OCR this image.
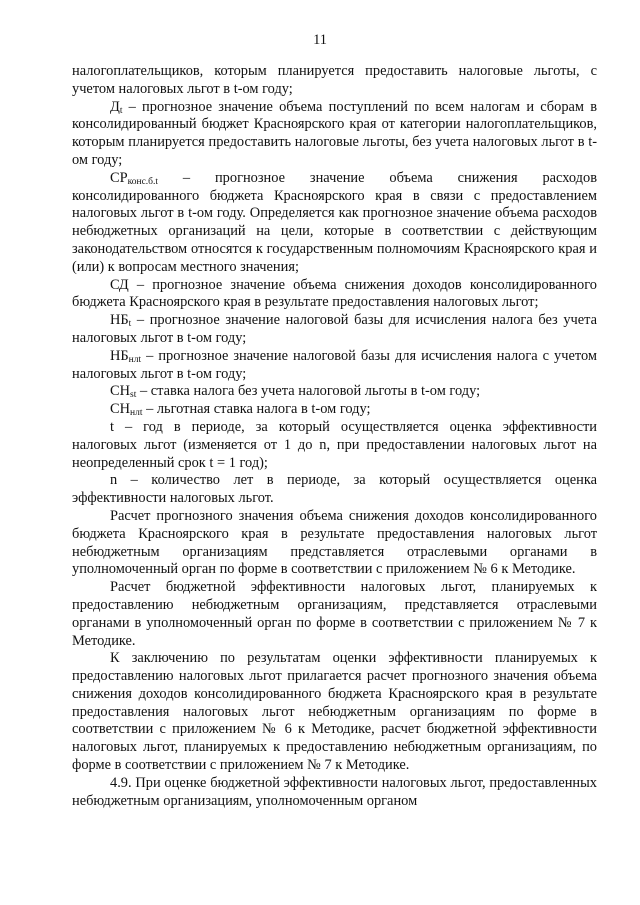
11

налогоплательщиков, которым планируется предоставить налоговые льготы, с учетом налоговых льгот в t-ом году;

$Д_t$ – прогнозное значение объема поступлений по всем налогам и сборам в консолидированный бюджет Красноярского края от категории налогоплательщиков, которым планируется предоставить налоговые льготы, без учета налоговых льгот в t-ом году;

$СР_{конс.б.t}$ – прогнозное значение объема снижения расходов консолидированного бюджета Красноярского края в связи с предоставлением налоговых льгот в t-ом году. Определяется как прогнозное значение объема расходов небюджетных организаций на цели, которые в соответствии с действующим законодательством относятся к государственным полномочиям Красноярского края и (или) к вопросам местного значения;

СД – прогнозное значение объема снижения доходов консолидированного бюджета Красноярского края в результате предоставления налоговых льгот;

$НБ_t$ – прогнозное значение налоговой базы для исчисления налога без учета налоговых льгот в t-ом году;

$НБ_{нлt}$ – прогнозное значение налоговой базы для исчисления налога с учетом налоговых льгот в t-ом году;

$СН_{st}$ – ставка налога без учета налоговой льготы в t-ом году;

$СН_{нлt}$ – льготная ставка налога в t-ом году;

t – год в периоде, за который осуществляется оценка эффективности налоговых льгот (изменяется от 1 до n, при предоставлении налоговых льгот на неопределенный срок t = 1 год);

n – количество лет в периоде, за который осуществляется оценка эффективности налоговых льгот.

Расчет прогнозного значения объема снижения доходов консолидированного бюджета Красноярского края в результате предоставления налоговых льгот небюджетным организациям представляется отраслевыми органами в уполномоченный орган по форме в соответствии с приложением № 6 к Методике.

Расчет бюджетной эффективности налоговых льгот, планируемых к предоставлению небюджетным организациям, представляется отраслевыми органами в уполномоченный орган по форме в соответствии с приложением № 7 к Методике.

К заключению по результатам оценки эффективности планируемых к предоставлению налоговых льгот прилагается расчет прогнозного значения объема снижения доходов консолидированного бюджета Красноярского края в результате предоставления налоговых льгот небюджетным организациям по форме в соответствии с приложением № 6 к Методике, расчет бюджетной эффективности налоговых льгот, планируемых к предоставлению небюджетным организациям, по форме в соответствии с приложением № 7 к Методике.

4.9. При оценке бюджетной эффективности налоговых льгот, предоставленных небюджетным организациям, уполномоченным органом
